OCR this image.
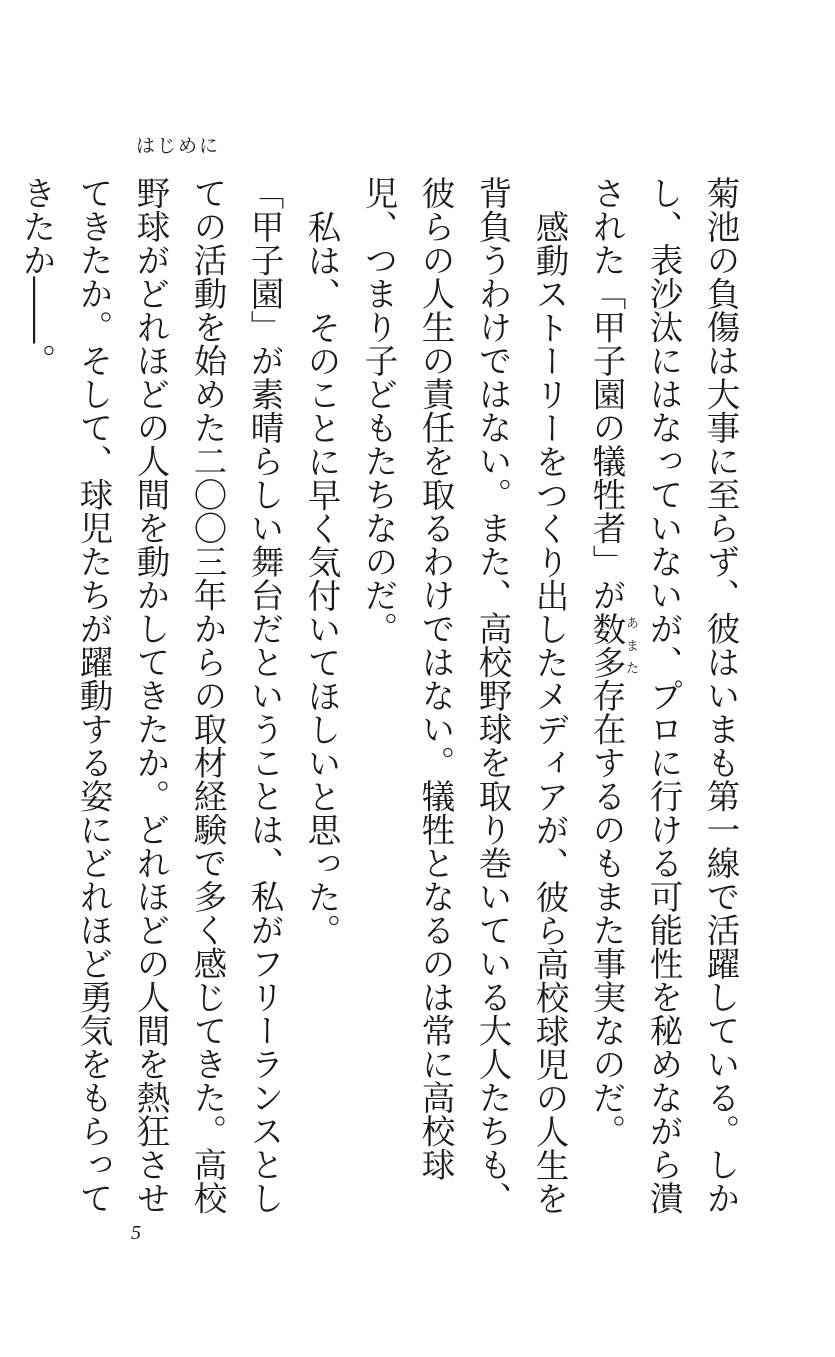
はじめに

菊池の負傷は大事に至らず、彼はいまも第一線で活躍している。しかし、表沙汰にはなっていないが、プロに行ける可能性を秘めながら潰された「甲子園の犠牲者」が数多あまた存在するのもまた事実なのだ。

感動ストーリーをつくり出したメディアが、彼ら高校球児の人生を背負うわけではない。また、高校野球を取り巻いている大人たちも、彼らの人生の責任を取るわけではない。犠牲となるのは常に高校球児、つまり子どもたちなのだ。

私は、そのことに早く気付いてほしいと思った。

「甲子園」が素晴らしい舞台だということは、私がフリーランスとしての活動を始めた二〇〇三年からの取材経験で多く感じてきた。高校野球がどれほどの人間を動かしてきたか。どれほどの人間を熱狂させてきたか。そして、球児たちが躍動する姿にどれほど勇気をもらってきたか――。

5
